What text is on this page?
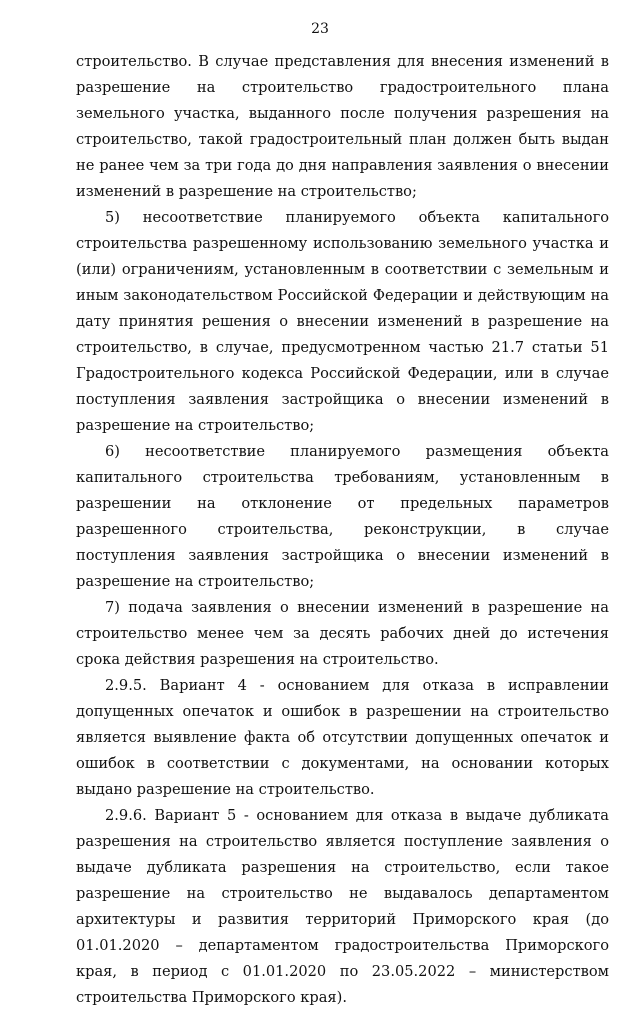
23

строительство. В случае представления для внесения изменений в разрешение на строительство градостроительного плана земельного участка, выданного после получения разрешения на строительство, такой градостроительный план должен быть выдан не ранее чем за три года до дня направления заявления о внесении изменений в разрешение на строительство;

5) несоответствие планируемого объекта капитального строительства разрешенному использованию земельного участка и (или) ограничениям, установленным в соответствии с земельным и иным законодательством Российской Федерации и действующим на дату принятия решения о внесении изменений в разрешение на строительство, в случае, предусмотренном частью 21.7 статьи 51 Градостроительного кодекса Российской Федерации, или в случае поступления заявления застройщика о внесении изменений в разрешение на строительство;

6) несоответствие планируемого размещения объекта капитального строительства требованиям, установленным в разрешении на отклонение от предельных параметров разрешенного строительства, реконструкции, в случае поступления заявления застройщика о внесении изменений в разрешение на строительство;

7) подача заявления о внесении изменений в разрешение на строительство менее чем за десять рабочих дней до истечения срока действия разрешения на строительство.

2.9.5. Вариант 4 - основанием для отказа в исправлении допущенных опечаток и ошибок в разрешении на строительство является выявление факта об отсутствии допущенных опечаток и ошибок в соответствии с документами, на основании которых выдано разрешение на строительство.

2.9.6. Вариант 5 - основанием для отказа в выдаче дубликата разрешения на строительство является поступление заявления о выдаче дубликата разрешения на строительство, если такое разрешение на строительство не выдавалось департаментом архитектуры и развития территорий Приморского края (до 01.01.2020 – департаментом градостроительства Приморского края, в период с 01.01.2020 по 23.05.2022 – министерством строительства Приморского края).
